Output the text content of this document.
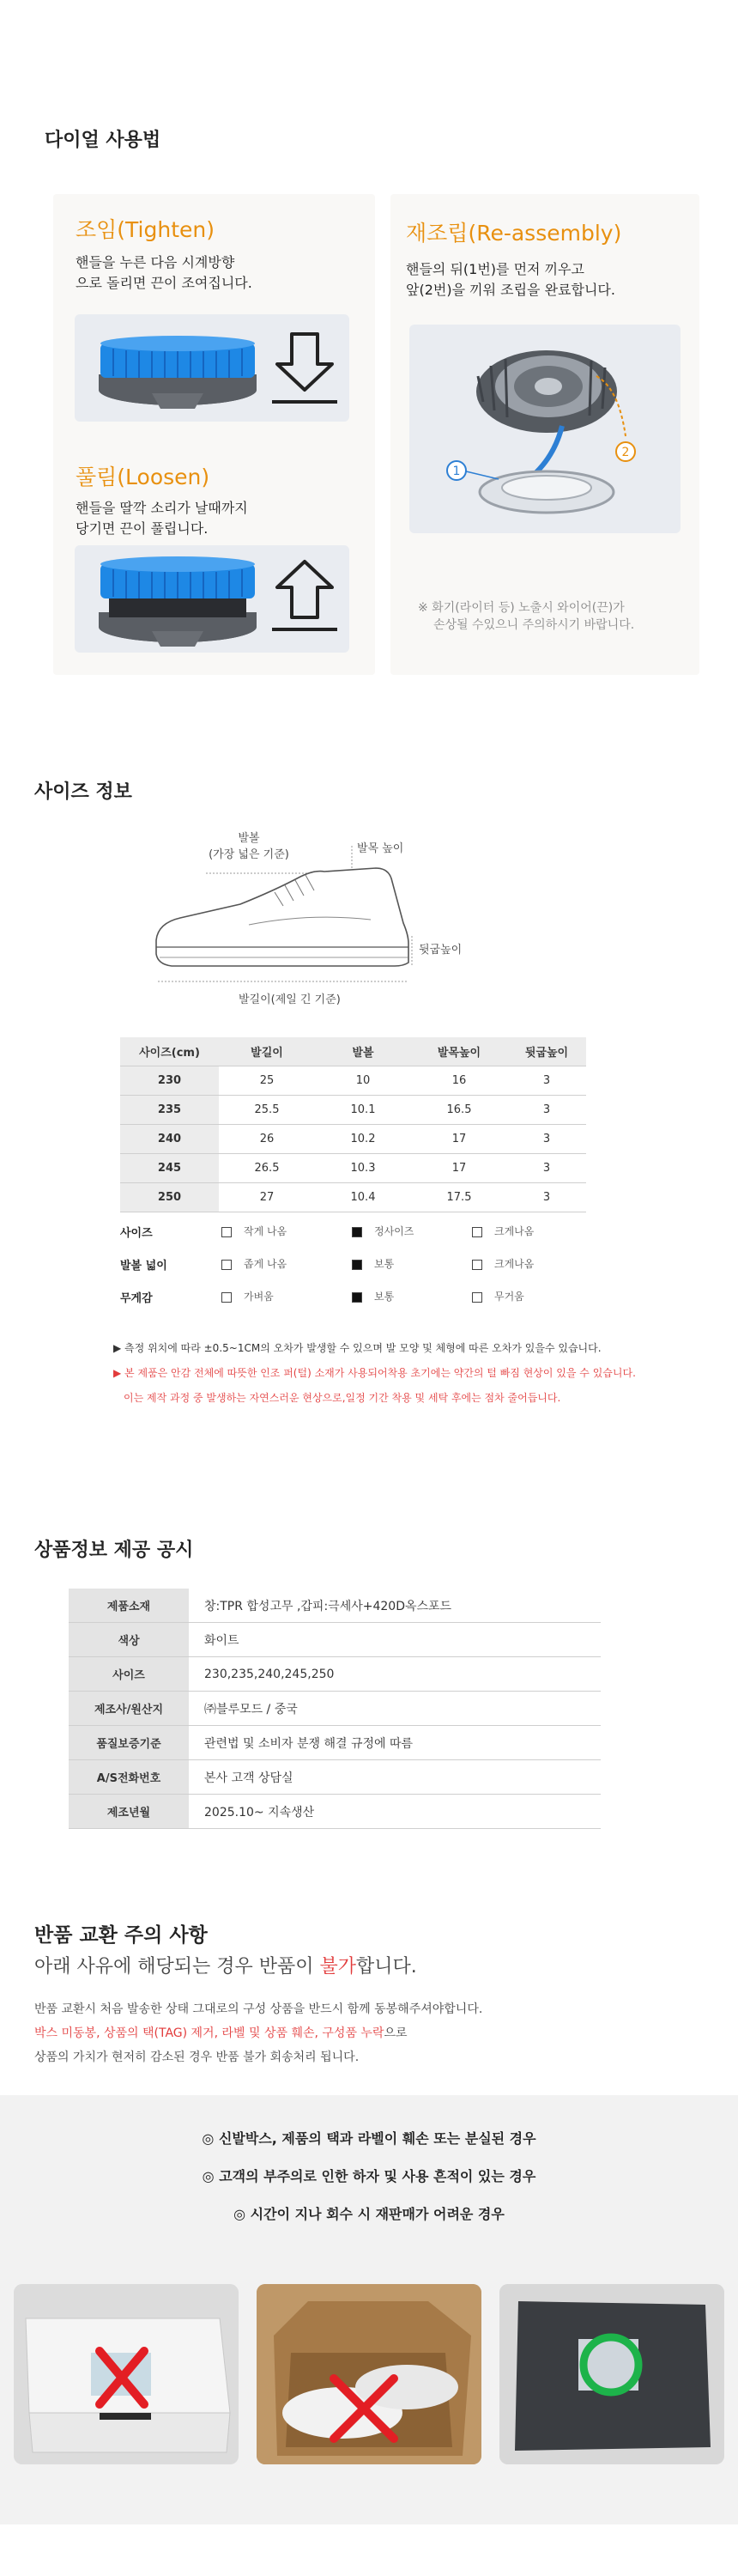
다이얼 사용법
조임(Tighten)
핸들을 누른 다음 시계방향
으로 돌리면 끈이 조여집니다.
풀림(Loosen)
핸들을 딸깍 소리가 날때까지
당기면 끈이 풀립니다.
재조립(Re-assembly)
핸들의 뒤(1번)를 먼저 끼우고
앞(2번)을 끼워 조립을 완료합니다.
1
2
※ 화기(라이터 등) 노출시 와이어(끈)가
손상될 수있으니 주의하시기 바랍니다.
사이즈 정보
발볼
(가장 넓은 기준)	발목 높이
뒷굽높이
발길이(제일 긴 기준)
사이즈(cm)	발길이	발볼	발목높이	뒷굽높이
230	25	10	16	3
235	25.5	10.1	16.5	3
240	26	10.2	17	3
245	26.5	10.3	17	3
250	27	10.4	17.5	3
사이즈	작게 나옴	정사이즈	크게나옴
발볼 넓이	좁게 나옴	보통	크게나옴
무게감	가벼움	보통	무거움
▶ 측정 위치에 따라 ±0.5~1CM의 오차가 발생할 수 있으며 발 모양 및 체형에 따른 오차가 있을수 있습니다.
▶ 본 제품은 안감 전체에 따뜻한 인조 퍼(털) 소재가 사용되어착용 초기에는 약간의 털 빠짐 현상이 있을 수 있습니다.
이는 제작 과정 중 발생하는 자연스러운 현상으로,일정 기간 착용 및 세탁 후에는 점차 줄어듭니다.
상품정보 제공 공시
제품소재	창:TPR 합성고무 ,갑피:극세사+420D옥스포드
색상	화이트
사이즈	230,235,240,245,250
제조사/원산지	㈜블루모드 / 중국
품질보증기준	관련법 및 소비자 분쟁 해결 규정에 따름
A/S전화번호	본사 고객 상담실
제조년월	2025.10~ 지속생산
반품 교환 주의 사항
아래 사유에 해당되는 경우 반품이 불가합니다.
반품 교환시 처음 발송한 상태 그대로의 구성 상품을 반드시 함께 동봉해주셔야합니다.
박스 미동봉, 상품의 택(TAG) 제거, 라벨 및 상품 훼손, 구성품 누락으로
상품의 가치가 현저히 감소된 경우 반품 불가 회송처리 됩니다.
◎ 신발박스, 제품의 택과 라벨이 훼손 또는 분실된 경우
◎ 고객의 부주의로 인한 하자 및 사용 흔적이 있는 경우
◎ 시간이 지나 회수 시 재판매가 어려운 경우
